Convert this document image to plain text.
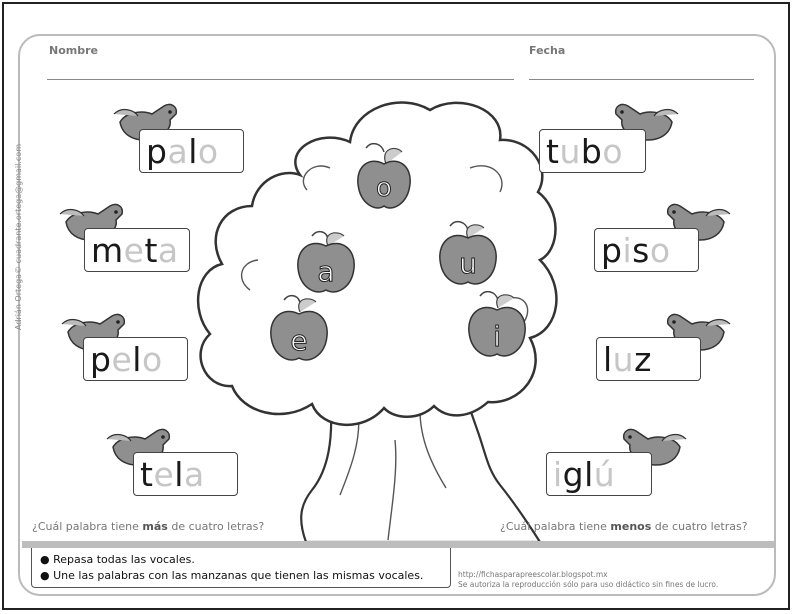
Nombre	Fecha
Adrián Ortega© cuadrante.ortega@gmail.com	o
a	u
e	i
p a l o
m e t a
p e l o
t e l a
t u b o
p i s o
l u z
i g l ú
¿Cuál palabra tiene más de cuatro letras?	¿Cuál palabra tiene menos de cuatro letras?
● Repasa todas las vocales.
● Une las palabras con las manzanas que tienen las mismas vocales.	http://fichasparapreescolar.blogspot.mx
Se autoriza la reproducción sólo para uso didáctico sin fines de lucro.
